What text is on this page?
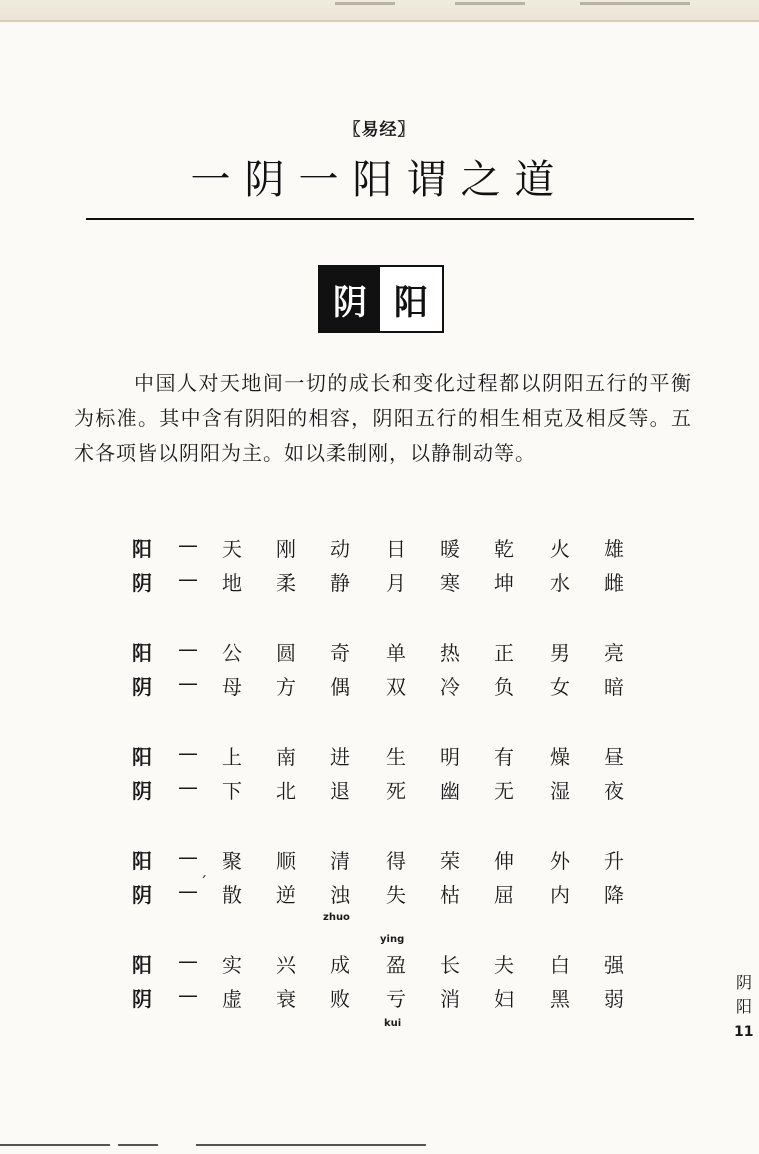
〖易经〗
一阴一阳谓之道
阴 阳

中国人对天地间一切的成长和变化过程都以阴阳五行的平衡为标准。其中含有阴阳的相容，阴阳五行的相生相克及相反等。五术各项皆以阴阳为主。如以柔制刚，以静制动等。

阳 — 天 刚 动 日 暖 乾 火 雄
阴 — 地 柔 静 月 寒 坤 水 雌
阳 — 公 圆 奇 单 热 正 男 亮
阴 — 母 方 偶 双 冷 负 女 暗
阳 — 上 南 进 生 明 有 燥 昼
阴 — 下 北 退 死 幽 无 湿 夜
阳 — 聚 顺 清 得 荣 伸 外 升
阴 — 散 逆 浊 失 枯 屈 内 降
阳 — 实 兴 成 盈 长 夫 白 强
阴 — 虚 衰 败 亏 消 妇 黑 弱
zhuo
ying
kui
ˊ
阴
阳
11
